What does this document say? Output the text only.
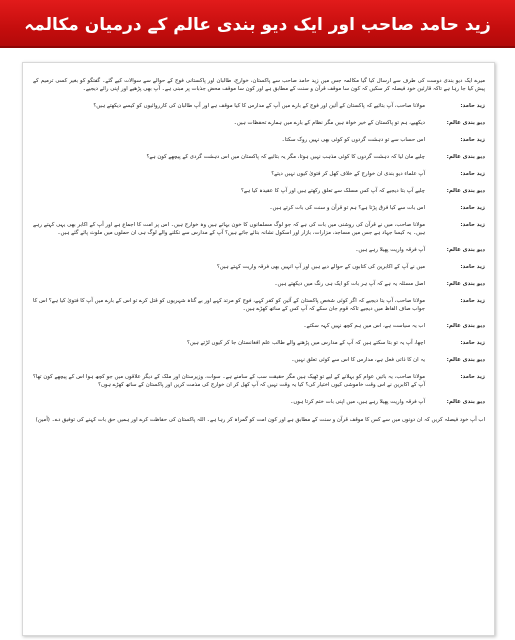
زید حامد صاحب اور ایک دیو بندی عالم کے درمیان مکالمہ

میرے ایک دیو بندی دوست کی طرف سے ارسال کیا گیا مکالمہ جس میں زید حامد صاحب سے پاکستان، خوارج، طالبان اور پاکستانی فوج کے حوالے سے سوالات کیے گئے۔ گفتگو کو بغیر کسی ترمیم کے پیش کیا جا رہا ہے تاکہ قارئین خود فیصلہ کر سکیں کہ کون سا موقف قرآن و سنت کے مطابق ہے اور کون سا موقف محض جذبات پر مبنی ہے۔ آپ بھی پڑھیے اور اپنی رائے دیجیے۔

زید حامد:
مولانا صاحب، آپ بتائیے کہ پاکستان کے آئین اور فوج کے بارے میں آپ کے مدارس کا کیا موقف ہے اور آپ طالبان کی کارروائیوں کو کیسے دیکھتے ہیں؟
دیو بندی عالم:
دیکھیے، ہم تو پاکستان کے خیر خواہ ہیں مگر نظام کے بارے میں ہمارے تحفظات ہیں۔
زید حامد:
اس حساب سے تو دہشت گردوں کو کوئی بھی نہیں روک سکتا۔
دیو بندی عالم:
چلیے مان لیا کہ دہشت گردوں کا کوئی مذہب نہیں ہوتا، مگر یہ بتائیے کہ پاکستان میں اس دہشت گردی کے پیچھے کون ہے؟
زید حامد:
آپ علماء دیو بندی ان خوارج کے خلاف کھل کر فتویٰ کیوں نہیں دیتے؟
دیو بندی عالم:
چلیے آپ بتا دیجیے کہ آپ کس مسلک سے تعلق رکھتے ہیں اور آپ کا عقیدہ کیا ہے؟
زید حامد:
اس بات سے کیا فرق پڑتا ہے؟ ہم تو قرآن و سنت کی بات کرتے ہیں۔
زید حامد:
مولانا صاحب، میں نے قرآن کی روشنی میں بات کی ہے کہ جو لوگ مسلمانوں کا خون بہاتے ہیں وہ خوارج ہیں۔ اس پر امت کا اجماع ہے اور آپ کے اکابر بھی یہی کہتے رہے ہیں۔ یہ کیسا جہاد ہے جس میں مساجد، مزارات، بازار اور اسکول نشانہ بنائے جاتے ہیں؟ آپ کے مدارس سے نکلنے والے لوگ ہی ان حملوں میں ملوث پائے گئے ہیں۔
دیو بندی عالم:
آپ فرقہ واریت پھیلا رہے ہیں۔
زید حامد:
میں نے آپ کے اکابرین کی کتابوں کے حوالے دیے ہیں اور آپ انہیں بھی فرقہ واریت کہتے ہیں؟
دیو بندی عالم:
اصل مسئلہ یہ ہے کہ آپ ہر بات کو ایک ہی رنگ میں دیکھتے ہیں۔
زید حامد:
مولانا صاحب، آپ بتا دیجیے کہ اگر کوئی شخص پاکستان کے آئین کو کفر کہے، فوج کو مرتد کہے اور بے گناہ شہریوں کو قتل کرے تو اس کے بارے میں آپ کا فتویٰ کیا ہے؟ اس کا جواب صاف الفاظ میں دیجیے تاکہ قوم جان سکے کہ آپ کس کے ساتھ کھڑے ہیں۔
دیو بندی عالم:
اب یہ سیاست ہے، اس میں ہم کچھ نہیں کہہ سکتے۔
زید حامد:
اچھا، آپ یہ تو بتا سکتے ہیں کہ آپ کے مدارس میں پڑھنے والے طالب علم افغانستان جا کر کیوں لڑتے ہیں؟
دیو بندی عالم:
یہ ان کا ذاتی فعل ہے، مدارس کا اس سے کوئی تعلق نہیں۔
زید حامد:
مولانا صاحب، یہ باتیں عوام کو بہلانے کے لیے تو ٹھیک ہیں مگر حقیقت سب کے سامنے ہے۔ سوات، وزیرستان اور ملک کے دیگر علاقوں میں جو کچھ ہوا اس کے پیچھے کون تھا؟ آپ کے اکابرین نے اس وقت خاموشی کیوں اختیار کی؟ کیا یہ وقت نہیں کہ آپ کھل کر ان خوارج کی مذمت کریں اور پاکستان کے ساتھ کھڑے ہوں؟
دیو بندی عالم:
آپ فرقہ واریت پھیلا رہے ہیں، میں اپنی بات ختم کرتا ہوں۔

اب آپ خود فیصلہ کریں کہ ان دونوں میں سے کس کا موقف قرآن و سنت کے مطابق ہے اور کون امت کو گمراہ کر رہا ہے۔ اللہ پاکستان کی حفاظت کرے اور ہمیں حق بات کہنے کی توفیق دے۔ (آمین)
